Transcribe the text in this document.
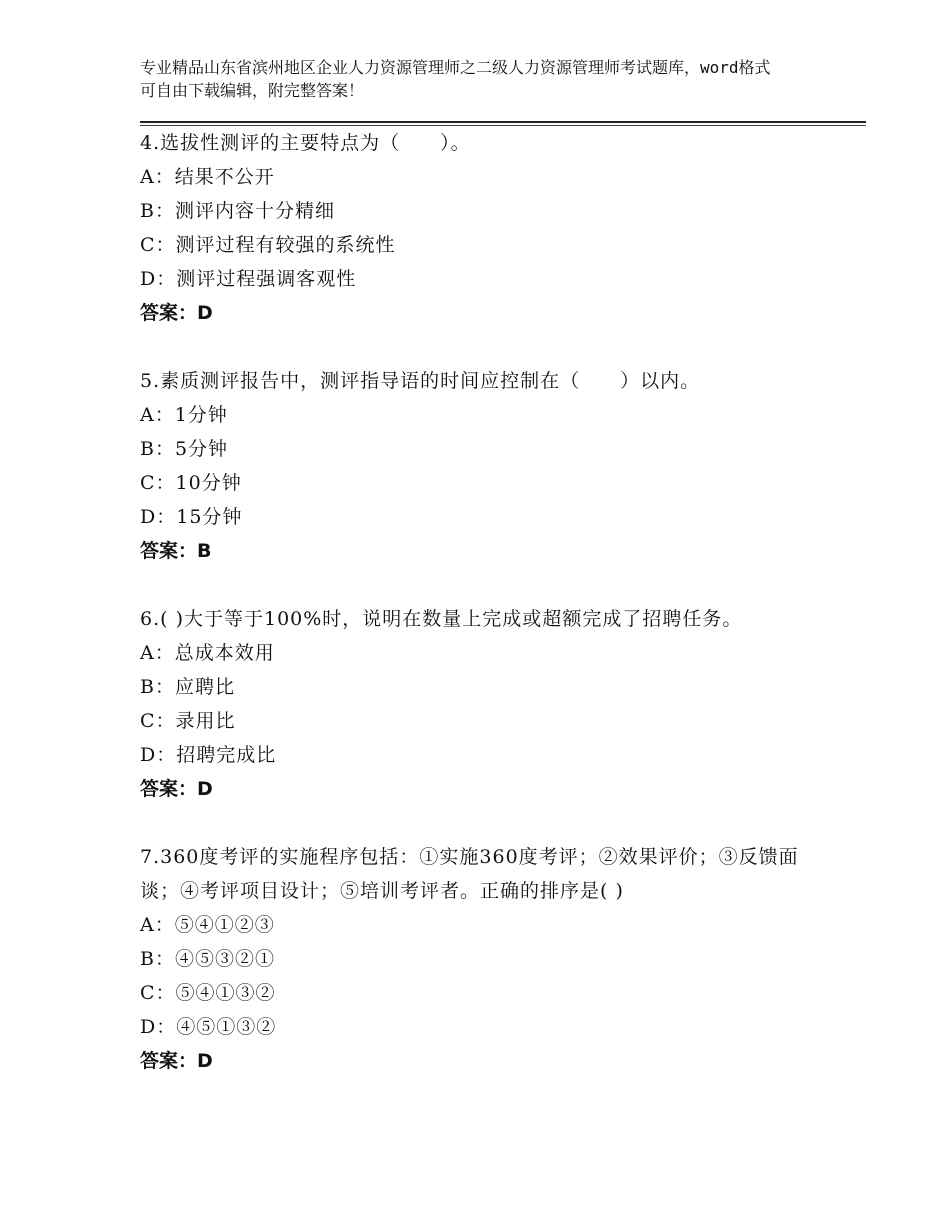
专业精品山东省滨州地区企业人力资源管理师之二级人力资源管理师考试题库，word格式可自由下载编辑，附完整答案！
4.选拔性测评的主要特点为（　　）。
A：结果不公开
B：测评内容十分精细
C：测评过程有较强的系统性
D：测评过程强调客观性
答案：D
5.素质测评报告中，测评指导语的时间应控制在（　　）以内。
A：1分钟
B：5分钟
C：10分钟
D：15分钟
答案：B
6.( )大于等于100%时，说明在数量上完成或超额完成了招聘任务。
A：总成本效用
B：应聘比
C：录用比
D：招聘完成比
答案：D
7.360度考评的实施程序包括：①实施360度考评；②效果评价；③反馈面谈；④考评项目设计；⑤培训考评者。正确的排序是( )
A：⑤④①②③
B：④⑤③②①
C：⑤④①③②
D：④⑤①③②
答案：D
